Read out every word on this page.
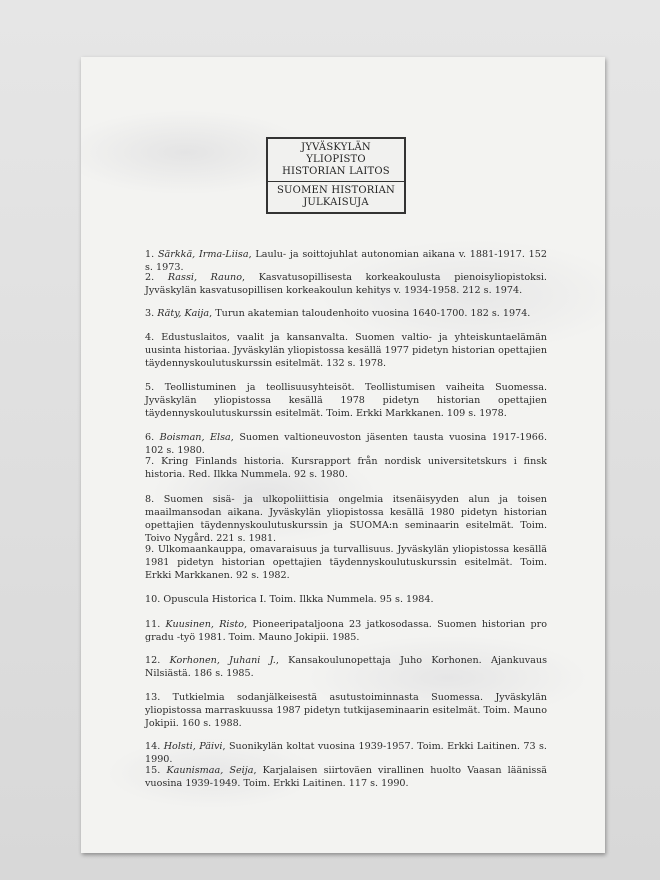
JYVÄSKYLÄN YLIOPISTO
HISTORIAN LAITOS
SUOMEN HISTORIAN
JULKAISUJA

1. Särkkä, Irma-Liisa, Laulu- ja soittojuhlat autonomian aikana v. 1881-1917. 152 s. 1973.

2. Rassi, Rauno, Kasvatusopillisesta korkeakoulusta pienoisyliopistoksi. Jyväskylän kasvatusopillisen korkeakoulun kehitys v. 1934-1958. 212 s. 1974.

3. Räty, Kaija, Turun akatemian taloudenhoito vuosina 1640-1700. 182 s. 1974.

4. Edustuslaitos, vaalit ja kansanvalta. Suomen valtio- ja yhteiskuntaelämän uusinta historiaa. Jyväskylän yliopistossa kesällä 1977 pidetyn historian opettajien täydennyskoulutuskurssin esitelmät. 132 s. 1978.

5. Teollistuminen ja teollisuusyhteisöt. Teollistumisen vaiheita Suomessa. Jyväskylän yliopistossa kesällä 1978 pidetyn historian opettajien täydennyskoulutuskurssin esitelmät. Toim. Erkki Markkanen. 109 s. 1978.

6. Boisman, Elsa, Suomen valtioneuvoston jäsenten tausta vuosina 1917-1966. 102 s. 1980.

7. Kring Finlands historia. Kursrapport från nordisk universitetskurs i finsk historia. Red. Ilkka Nummela. 92 s. 1980.

8. Suomen sisä- ja ulkopoliittisia ongelmia itsenäisyyden alun ja toisen maailmansodan aikana. Jyväskylän yliopistossa kesällä 1980 pidetyn historian opettajien täydennyskoulutuskurssin ja SUOMA:n seminaarin esitelmät. Toim. Toivo Nygård. 221 s. 1981.

9. Ulkomaankauppa, omavaraisuus ja turvallisuus. Jyväskylän yliopistossa kesällä 1981 pidetyn historian opettajien täydennyskoulutuskurssin esitelmät. Toim. Erkki Markkanen. 92 s. 1982.

10. Opuscula Historica I. Toim. Ilkka Nummela. 95 s. 1984.

11. Kuusinen, Risto, Pioneeripataljoona 23 jatkosodassa. Suomen historian pro gradu -työ 1981. Toim. Mauno Jokipii. 1985.

12. Korhonen, Juhani J., Kansakoulunopettaja Juho Korhonen. Ajankuvaus Nilsiästä. 186 s. 1985.

13. Tutkielmia sodanjälkeisestä asutustoiminnasta Suomessa. Jyväskylän yliopistossa marraskuussa 1987 pidetyn tutkijaseminaarin esitelmät. Toim. Mauno Jokipii. 160 s. 1988.

14. Holsti, Päivi, Suonikylän koltat vuosina 1939-1957. Toim. Erkki Laitinen. 73 s. 1990.

15. Kaunismaa, Seija, Karjalaisen siirtoväen virallinen huolto Vaasan läänissä vuosina 1939-1949. Toim. Erkki Laitinen. 117 s. 1990.
